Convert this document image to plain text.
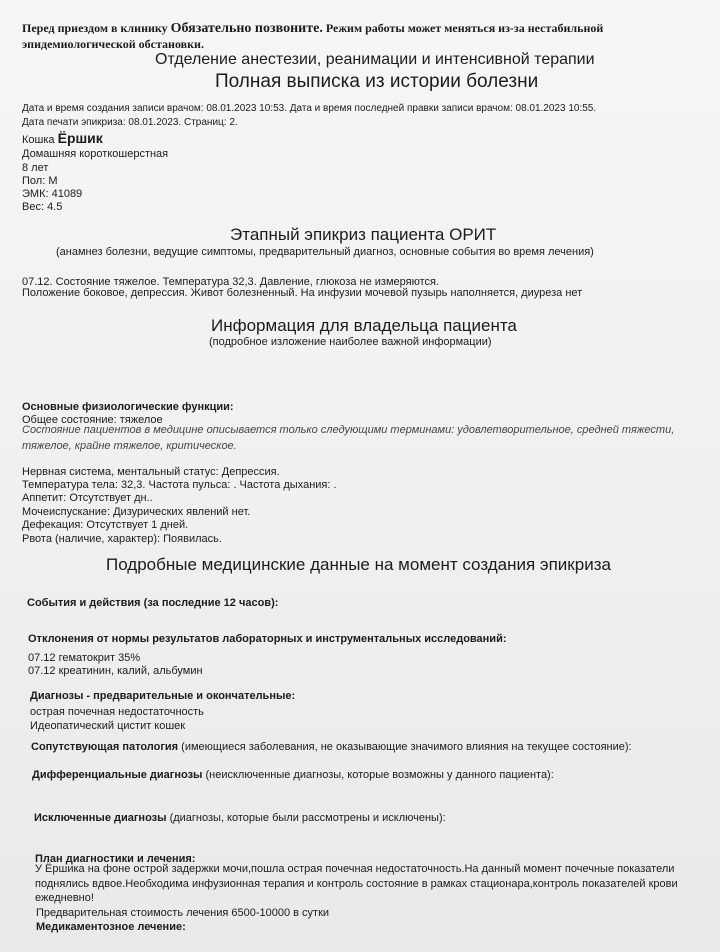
Перед приездом в клинику Обязательно позвоните. Режим работы может меняться из-за нестабильной
эпидемиологической обстановки.
Отделение анестезии, реанимации и интенсивной терапии
Полная выписка из истории болезни
Дата и время создания записи врачом: 08.01.2023 10:53. Дата и время последней правки записи врачом: 08.01.2023 10:55.
Дата печати эпикриза: 08.01.2023. Страниц: 2.
Кошка Ёршик
Домашняя короткошерстная
8 лет
Пол: М
ЭМК: 41089
Вес: 4.5
Этапный эпикриз пациента ОРИТ
(анамнез болезни, ведущие симптомы, предварительный диагноз, основные события во время лечения)
07.12. Состояние тяжелое. Температура 32,3. Давление, глюкоза не измеряются.
Положение боковое, депрессия. Живот болезненный. На инфузии мочевой пузырь наполняется, диуреза нет
Информация для владельца пациента
(подробное изложение наиболее важной информации)
Основные физиологические функции:
Общее состояние: тяжелое
Состояние пациентов в медицине описывается только следующими терминами: удовлетворительное, средней тяжести,
тяжелое, крайне тяжелое, критическое.
Нервная система, ментальный статус: Депрессия.
Температура тела: 32,3. Частота пульса: . Частота дыхания: .
Аппетит: Отсутствует дн..
Мочеиспускание: Дизурических явлений нет.
Дефекация: Отсутствует 1 дней.
Рвота (наличие, характер): Появилась.
Подробные медицинские данные на момент создания эпикриза
События и действия (за последние 12 часов):
Отклонения от нормы результатов лабораторных и инструментальных исследований:
07.12 гематокрит 35%
07.12 креатинин, калий, альбумин
Диагнозы - предварительные и окончательные:
острая почечная недостаточность
Идеопатический цистит кошек
Сопутствующая патология (имеющиеся заболевания, не оказывающие значимого влияния на текущее состояние):
Дифференциальные диагнозы (неисключенные диагнозы, которые возможны у данного пациента):
Исключенные диагнозы (диагнозы, которые были рассмотрены и исключены):
План диагностики и лечения:
У Ёршика на фоне острой задержки мочи,пошла острая почечная недостаточность.На данный момент почечные показатели
поднялись вдвое.Необходима инфузионная терапия и контроль состояние в рамках стационара,контроль показателей крови
ежедневно!
Предварительная стоимость лечения 6500-10000 в сутки
Медикаментозное лечение:
